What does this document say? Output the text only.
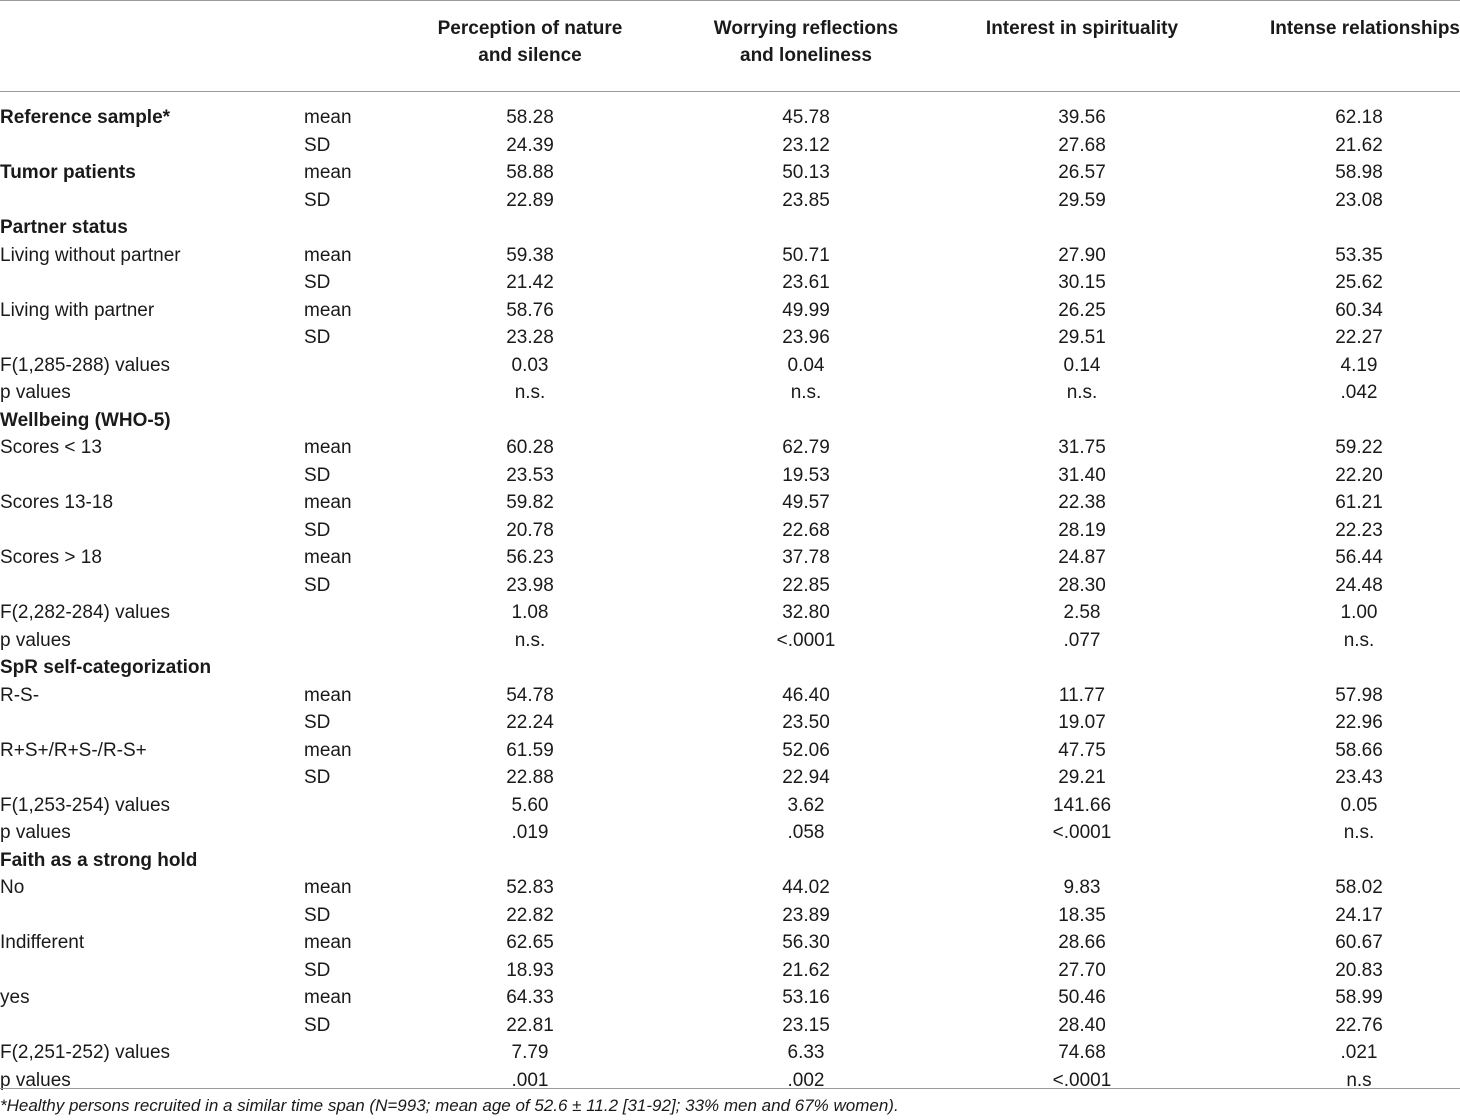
		Perception of nature and silence	Worrying reflections and loneliness	Interest in spirituality	Intense relationships
Reference sample*	mean	58.28	45.78	39.56	62.18
	SD	24.39	23.12	27.68	21.62
Tumor patients	mean	58.88	50.13	26.57	58.98
	SD	22.89	23.85	29.59	23.08
Partner status					
Living without partner	mean	59.38	50.71	27.90	53.35
	SD	21.42	23.61	30.15	25.62
Living with partner	mean	58.76	49.99	26.25	60.34
	SD	23.28	23.96	29.51	22.27
F(1,285-288) values		0.03	0.04	0.14	4.19
p values		n.s.	n.s.	n.s.	.042
Wellbeing (WHO-5)					
Scores < 13	mean	60.28	62.79	31.75	59.22
	SD	23.53	19.53	31.40	22.20
Scores 13-18	mean	59.82	49.57	22.38	61.21
	SD	20.78	22.68	28.19	22.23
Scores > 18	mean	56.23	37.78	24.87	56.44
	SD	23.98	22.85	28.30	24.48
F(2,282-284) values		1.08	32.80	2.58	1.00
p values		n.s.	<.0001	.077	n.s.
SpR self-categorization					
R-S-	mean	54.78	46.40	11.77	57.98
	SD	22.24	23.50	19.07	22.96
R+S+/R+S-/R-S+	mean	61.59	52.06	47.75	58.66
	SD	22.88	22.94	29.21	23.43
F(1,253-254) values		5.60	3.62	141.66	0.05
p values		.019	.058	<.0001	n.s.
Faith as a strong hold					
No	mean	52.83	44.02	9.83	58.02
	SD	22.82	23.89	18.35	24.17
Indifferent	mean	62.65	56.30	28.66	60.67
	SD	18.93	21.62	27.70	20.83
yes	mean	64.33	53.16	50.46	58.99
	SD	22.81	23.15	28.40	22.76
F(2,251-252) values		7.79	6.33	74.68	.021
p values		.001	.002	<.0001	n.s
*Healthy persons recruited in a similar time span (N=993; mean age of 52.6 ± 11.2 [31-92]; 33% men and 67% women).
